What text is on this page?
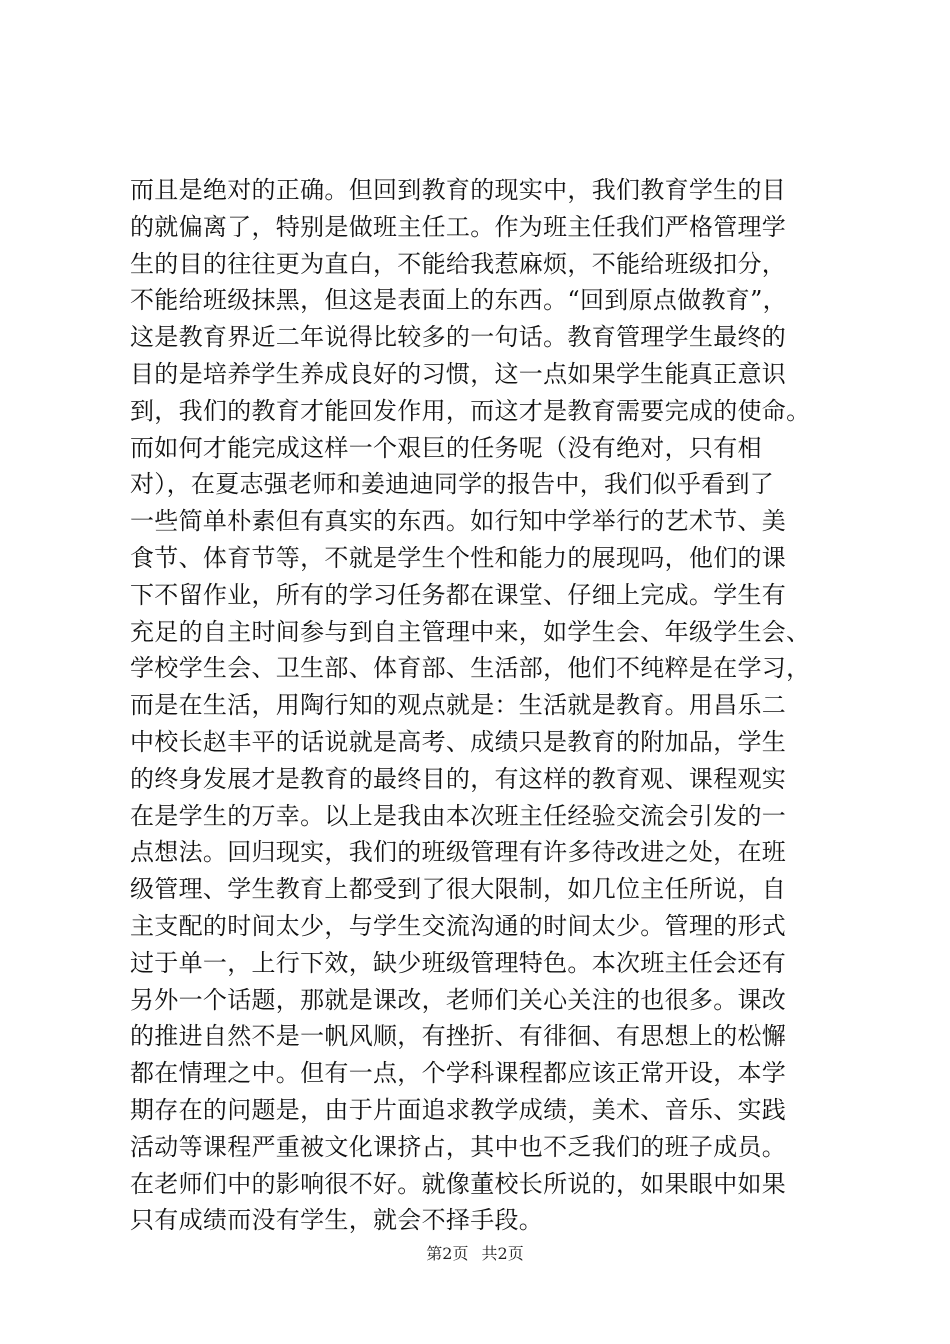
而且是绝对的正确。但回到教育的现实中，我们教育学生的目
的就偏离了，特别是做班主任工。作为班主任我们严格管理学
生的目的往往更为直白，不能给我惹麻烦，不能给班级扣分，
不能给班级抹黑，但这是表面上的东西。“回到原点做教育”，
这是教育界近二年说得比较多的一句话。教育管理学生最终的
目的是培养学生养成良好的习惯，这一点如果学生能真正意识
到，我们的教育才能回发作用，而这才是教育需要完成的使命。
而如何才能完成这样一个艰巨的任务呢（没有绝对，只有相
对），在夏志强老师和姜迪迪同学的报告中，我们似乎看到了
一些简单朴素但有真实的东西。如行知中学举行的艺术节、美
食节、体育节等，不就是学生个性和能力的展现吗，他们的课
下不留作业，所有的学习任务都在课堂、仔细上完成。学生有
充足的自主时间参与到自主管理中来，如学生会、年级学生会、
学校学生会、卫生部、体育部、生活部，他们不纯粹是在学习，
而是在生活，用陶行知的观点就是：生活就是教育。用昌乐二
中校长赵丰平的话说就是高考、成绩只是教育的附加品，学生
的终身发展才是教育的最终目的，有这样的教育观、课程观实
在是学生的万幸。以上是我由本次班主任经验交流会引发的一
点想法。回归现实，我们的班级管理有许多待改进之处，在班
级管理、学生教育上都受到了很大限制，如几位主任所说，自
主支配的时间太少，与学生交流沟通的时间太少。管理的形式
过于单一，上行下效，缺少班级管理特色。本次班主任会还有
另外一个话题，那就是课改，老师们关心关注的也很多。课改
的推进自然不是一帆风顺，有挫折、有徘徊、有思想上的松懈
都在情理之中。但有一点，个学科课程都应该正常开设，本学
期存在的问题是，由于片面追求教学成绩，美术、音乐、实践
活动等课程严重被文化课挤占，其中也不乏我们的班子成员。
在老师们中的影响很不好。就像董校长所说的，如果眼中如果
只有成绩而没有学生，就会不择手段。
第2页 共2页
